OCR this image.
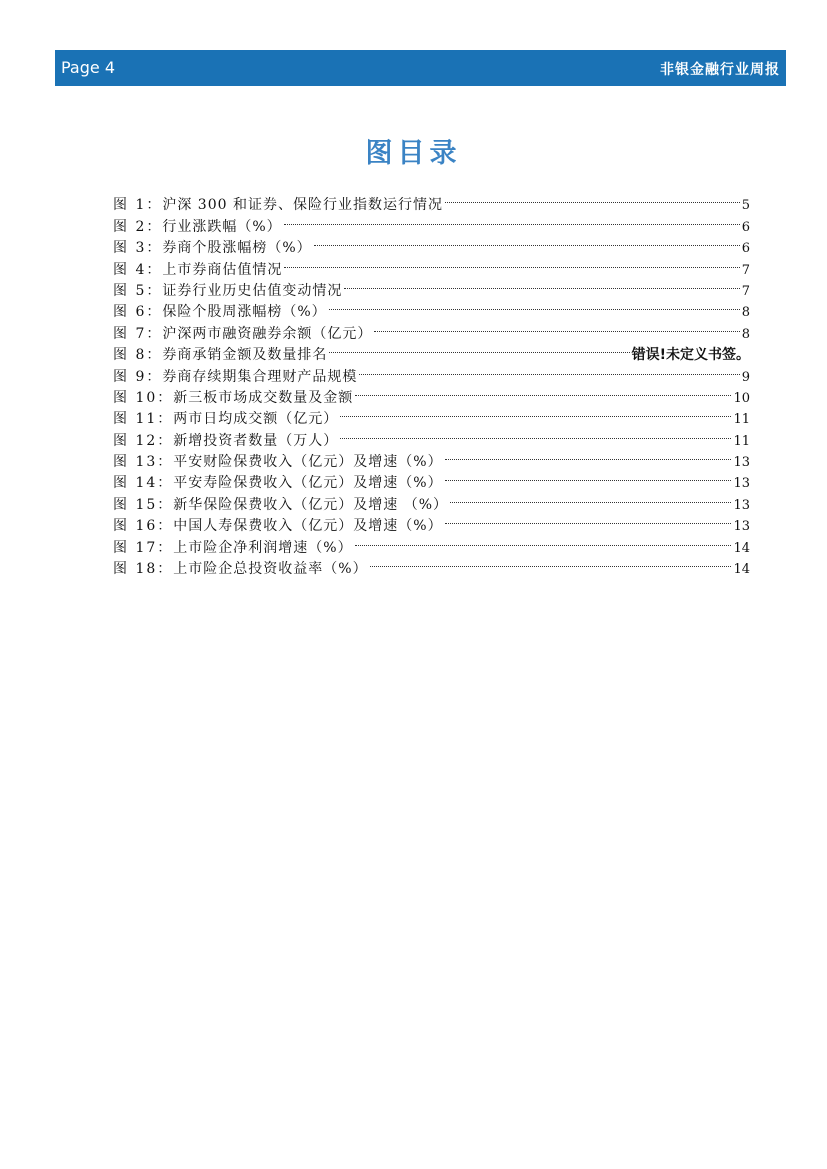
Page 4	非银金融行业周报
图目录
图 1： 沪深 300 和证券、保险行业指数运行情况	5
图 2： 行业涨跌幅（%）	6
图 3： 券商个股涨幅榜（%）	6
图 4： 上市券商估值情况	7
图 5： 证券行业历史估值变动情况	7
图 6： 保险个股周涨幅榜（%）	8
图 7： 沪深两市融资融券余额（亿元）	8
图 8： 券商承销金额及数量排名	错误!未定义书签。
图 9： 券商存续期集合理财产品规模	9
图 10： 新三板市场成交数量及金额	10
图 11： 两市日均成交额（亿元）	11
图 12： 新增投资者数量（万人）	11
图 13： 平安财险保费收入（亿元）及增速（%）	13
图 14： 平安寿险保费收入（亿元）及增速（%）	13
图 15： 新华保险保费收入（亿元）及增速 （%）	13
图 16： 中国人寿保费收入（亿元）及增速（%）	13
图 17： 上市险企净利润增速（%）	14
图 18： 上市险企总投资收益率（%）	14
